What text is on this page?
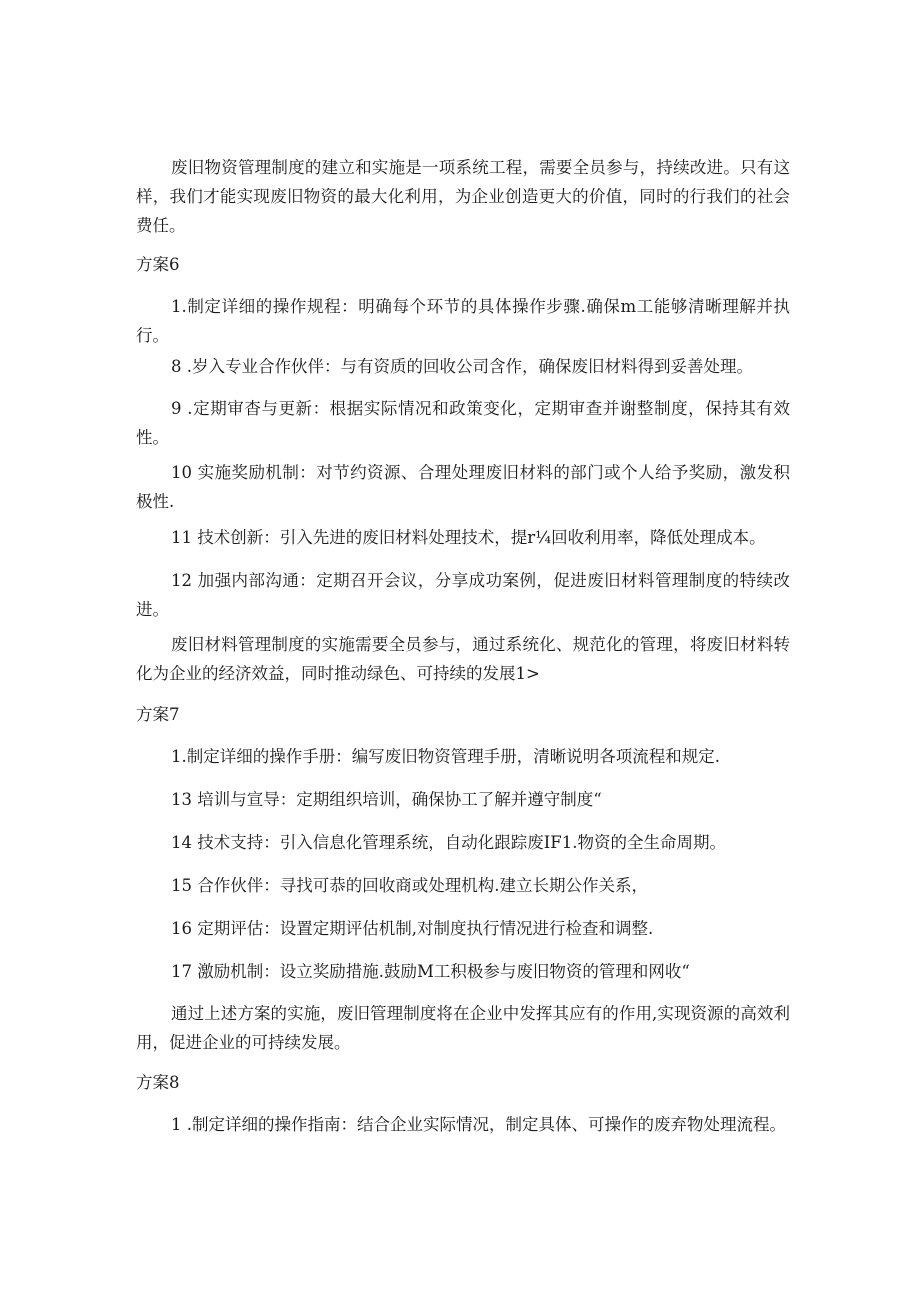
废旧物资管理制度的建立和实施是一项系统工程，需要全员参与，持续改进。只有这样，我们才能实现废旧物资的最大化利用，为企业创造更大的价值，同时的行我们的社会费任。

方案6

1.制定详细的操作规程：明确每个环节的具体操作步骤.确保m工能够清晰理解并执行。

8 .岁入专业合作伙伴：与有资质的回收公司含作，确保废旧材料得到妥善处理。

9 .定期审杳与更新：根据实际情况和政策变化，定期审查并谢整制度，保持其有效性。

10 实施奖励机制：对节约资源、合理处理废旧材料的部门或个人给予奖励，激发积极性.

11 技术创新：引入先进的废旧材料处理技术，提r¼回收利用率，降低处理成本。

12 加强内部沟通：定期召开会议，分享成功案例，促进废旧材料管理制度的特续改进。

废旧材料管理制度的实施需要全员参与，通过系统化、规范化的管理，将废旧材料转化为企业的经济效益，同时推动绿色、可持续的发展1>

方案7

1.制定详细的操作手册：编写废旧物资管理手册，清晰说明各项流程和规定.

13 培训与宣导：定期组织培训，确保协工了解并遵守制度“

14 技术支持：引入信息化管理系统，自动化跟踪废IF1.物资的全生命周期。

15 合作伙伴：寻找可恭的回收商或处理机构.建立长期公作关系，

16 定期评估：设置定期评估机制,对制度执行情况进行检查和调整.

17 激励机制：设立奖励措施.鼓励M工积极参与废旧物资的管理和网收“

通过上述方案的实施，废旧管理制度将在企业中发挥其应有的作用,实现资源的高效利用，促进企业的可持续发展。

方案8

1 .制定详细的操作指南：结合企业实际情况，制定具体、可操作的废弃物处理流程。
